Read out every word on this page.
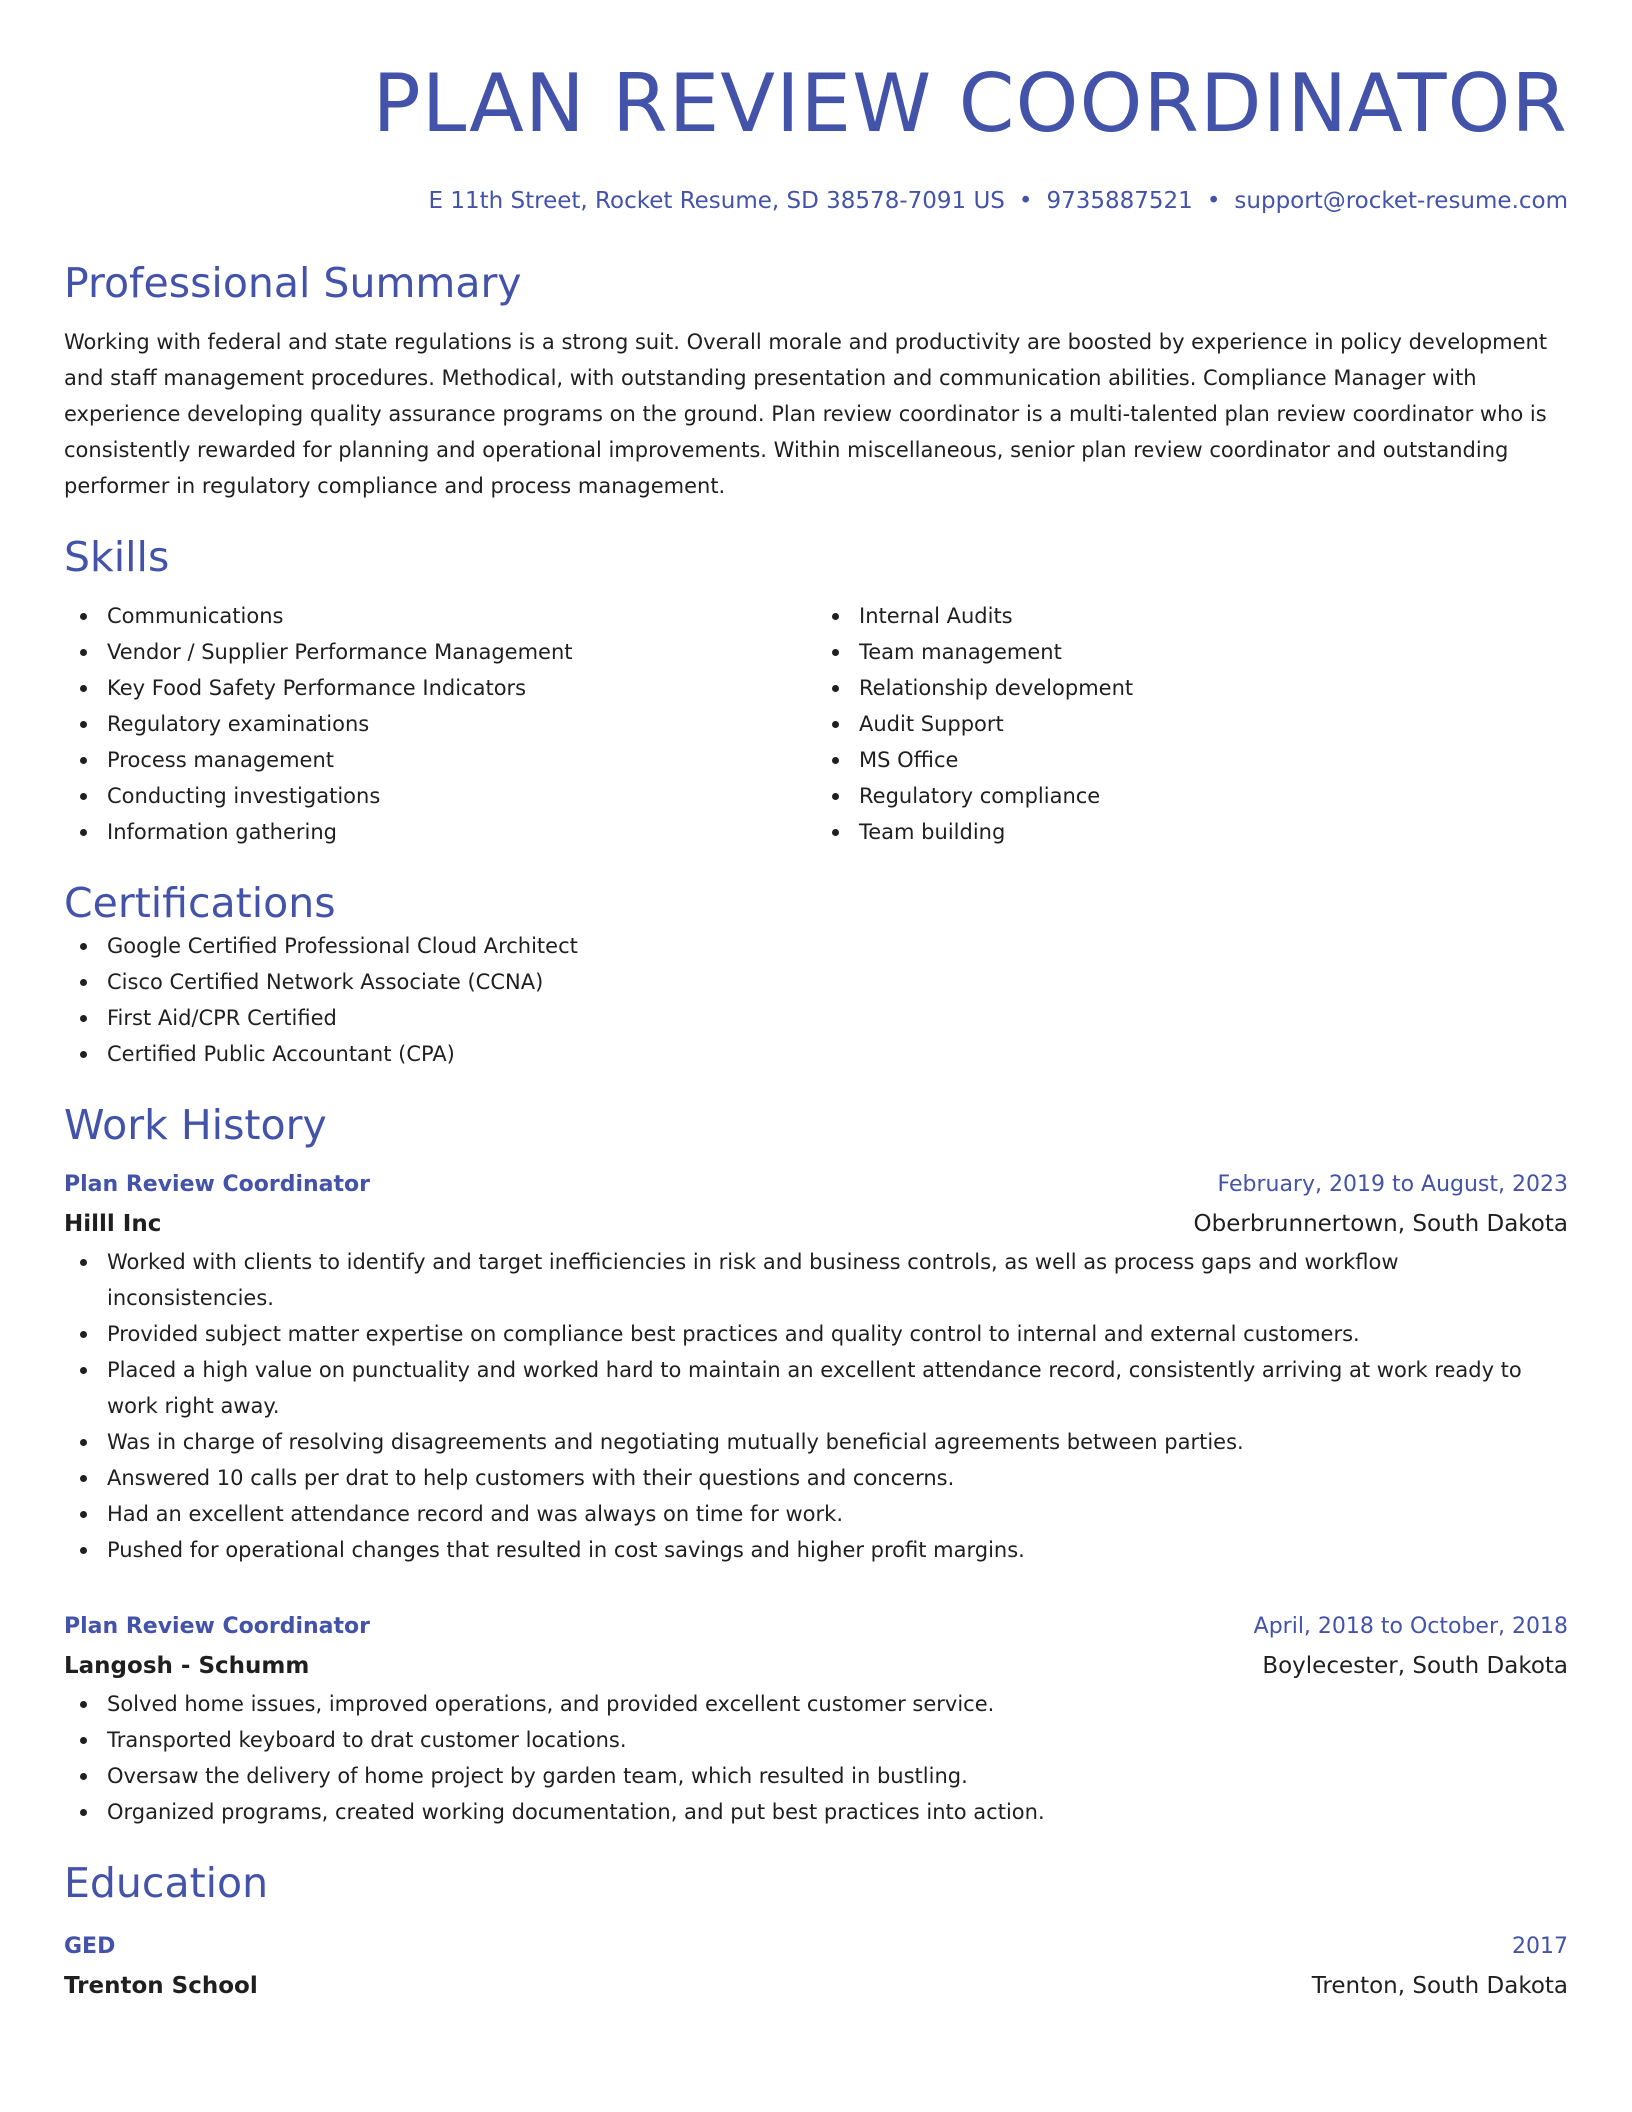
PLAN REVIEW COORDINATOR
E 11th Street, Rocket Resume, SD 38578-7091 US • 9735887521 • support@rocket-resume.com
Professional Summary
Working with federal and state regulations is a strong suit. Overall morale and productivity are boosted by experience in policy development and staff management procedures. Methodical, with outstanding presentation and communication abilities. Compliance Manager with experience developing quality assurance programs on the ground. Plan review coordinator is a multi-talented plan review coordinator who is consistently rewarded for planning and operational improvements. Within miscellaneous, senior plan review coordinator and outstanding performer in regulatory compliance and process management.
Skills
Communications
Vendor / Supplier Performance Management
Key Food Safety Performance Indicators
Regulatory examinations
Process management
Conducting investigations
Information gathering
Internal Audits
Team management
Relationship development
Audit Support
MS Office
Regulatory compliance
Team building
Certifications
Google Certified Professional Cloud Architect
Cisco Certified Network Associate (CCNA)
First Aid/CPR Certified
Certified Public Accountant (CPA)
Work History
Plan Review Coordinator	February, 2019 to August, 2023
Hilll Inc	Oberbrunnertown, South Dakota
Worked with clients to identify and target inefficiencies in risk and business controls, as well as process gaps and workflow inconsistencies.
Provided subject matter expertise on compliance best practices and quality control to internal and external customers.
Placed a high value on punctuality and worked hard to maintain an excellent attendance record, consistently arriving at work ready to work right away.
Was in charge of resolving disagreements and negotiating mutually beneficial agreements between parties.
Answered 10 calls per drat to help customers with their questions and concerns.
Had an excellent attendance record and was always on time for work.
Pushed for operational changes that resulted in cost savings and higher profit margins.
Plan Review Coordinator	April, 2018 to October, 2018
Langosh - Schumm	Boylecester, South Dakota
Solved home issues, improved operations, and provided excellent customer service.
Transported keyboard to drat customer locations.
Oversaw the delivery of home project by garden team, which resulted in bustling.
Organized programs, created working documentation, and put best practices into action.
Education
GED	2017
Trenton School	Trenton, South Dakota
